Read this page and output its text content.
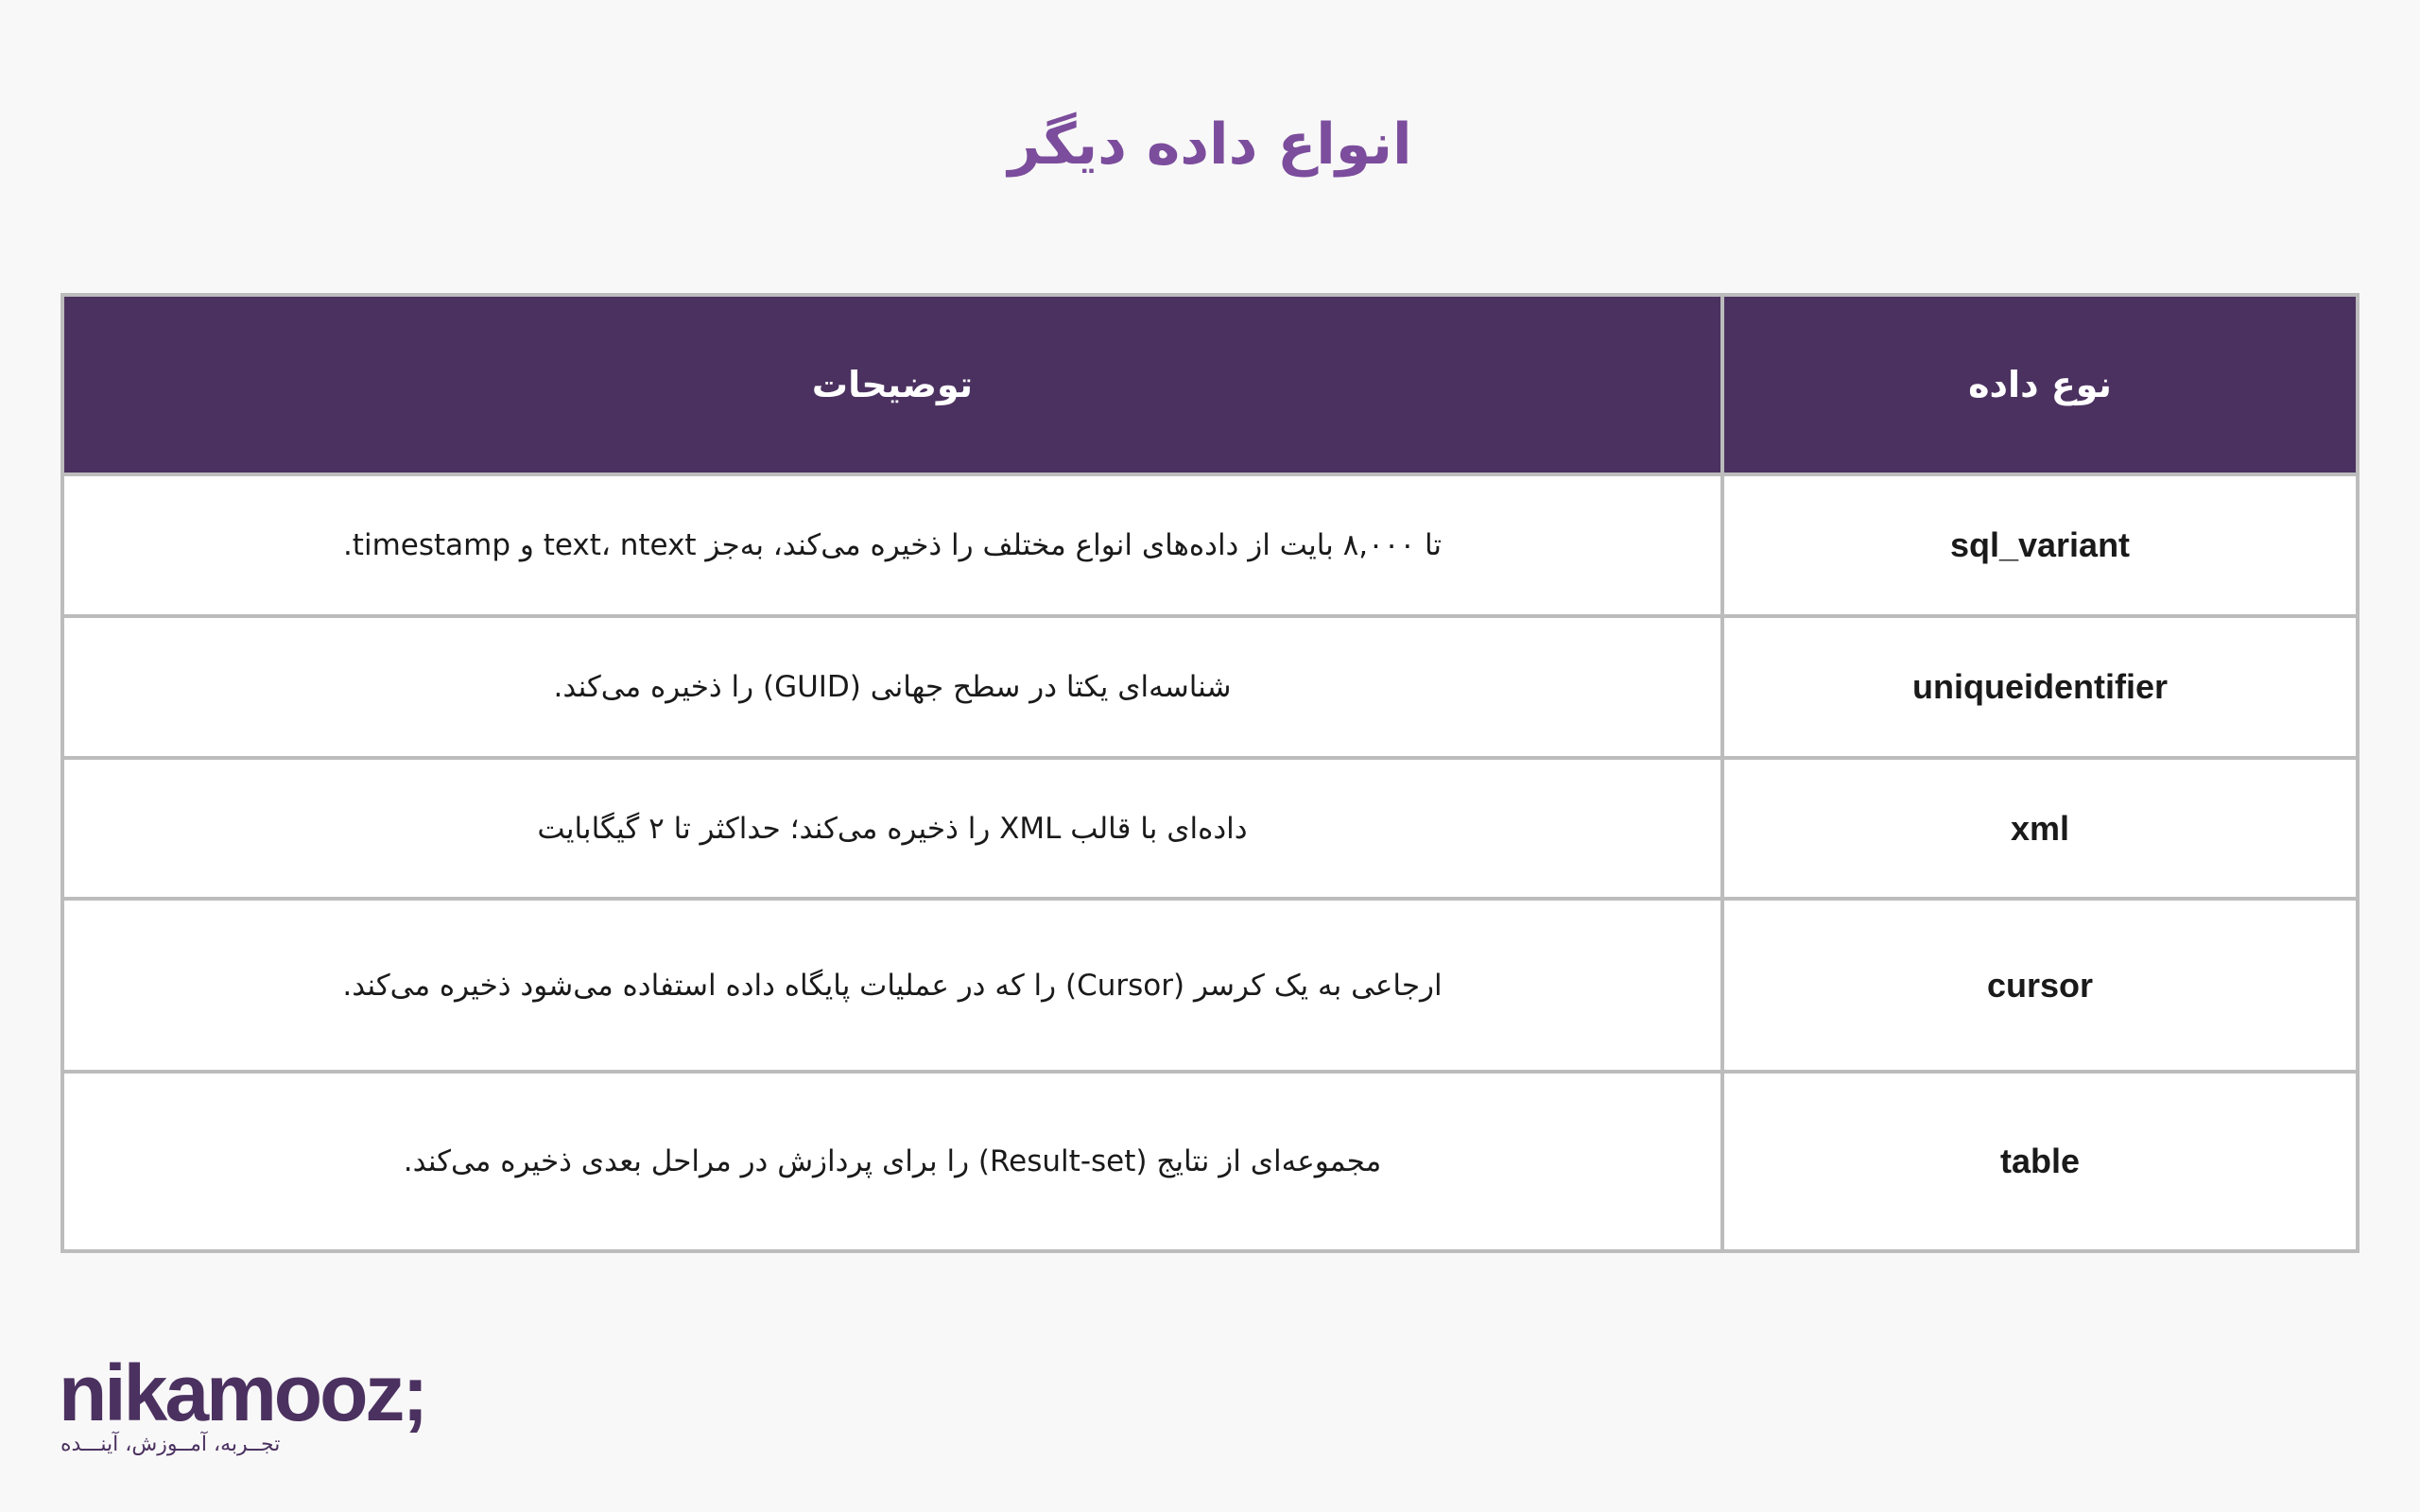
انواع داده دیگر
نوع داده	توضیحات
sql_variant	تا ۸,۰۰۰ بایت از داده‌های انواع مختلف را ذخیره می‌کند، به‌جز text، ntext و timestamp.
uniqueidentifier	شناسه‌ای یکتا در سطح جهانی (GUID) را ذخیره می‌کند.
xml	داده‌ای با قالب XML را ذخیره می‌کند؛ حداکثر تا ۲ گیگابایت
cursor	ارجاعی به یک کرسر (Cursor) را که در عملیات پایگاه داده استفاده می‌شود ذخیره می‌کند.
table	مجموعه‌ای از نتایج (Result-set) را برای پردازش در مراحل بعدی ذخیره می‌کند.
nikamooz;
تجــربه، آمــوزش، آینـــده
